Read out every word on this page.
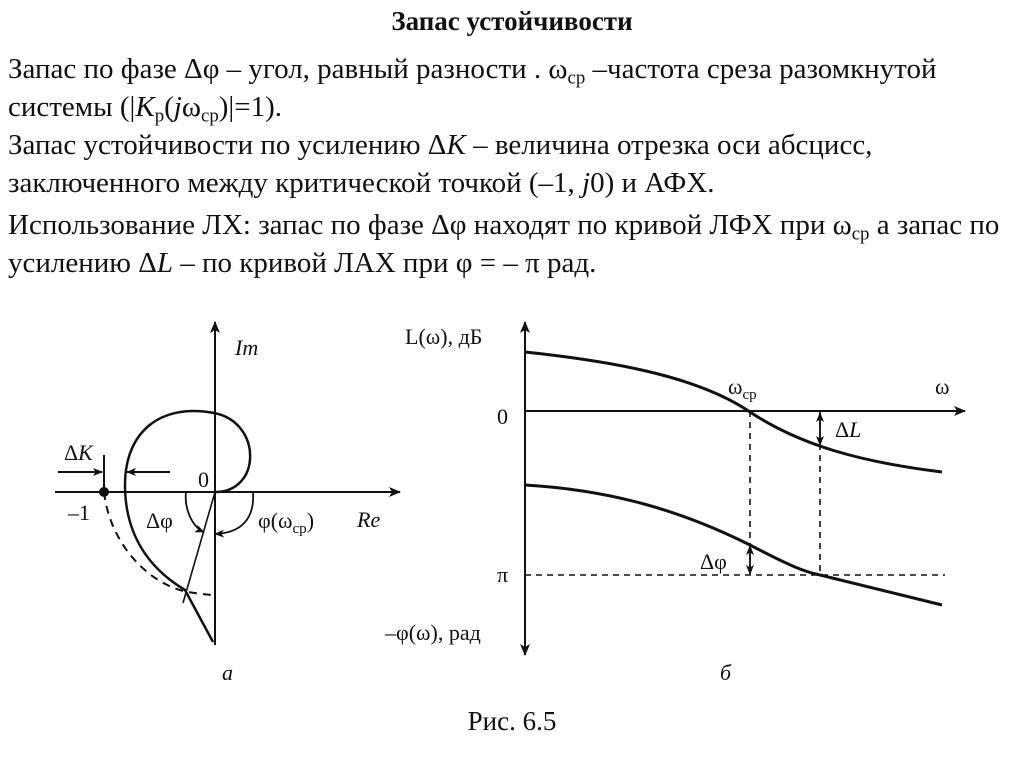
Запас устойчивости
Запас по фазе Δφ – угол, равный разности . $\omega_{ср}$ –частота среза разомкнутой системы $(|K_р(j\omega_{ср})|=1)$.
Запас устойчивости по усилению ΔK – величина отрезка оси абсцисс, заключенного между критической точкой (–1, j0) и АФХ.
Использование ЛХ: запас по фазе Δφ находят по кривой ЛФХ при $\omega_{ср}$ а запас по усилению ΔL – по кривой ЛАХ при φ = – π рад.
Im
Re
0
–1
ΔK
Δφ	$\varphi(\omega_{ср})$
а
L(ω), дБ
ω
0
$\omega_{ср}$
π
ΔL
Δφ
–φ(ω), рад
б
Рис. 6.5
